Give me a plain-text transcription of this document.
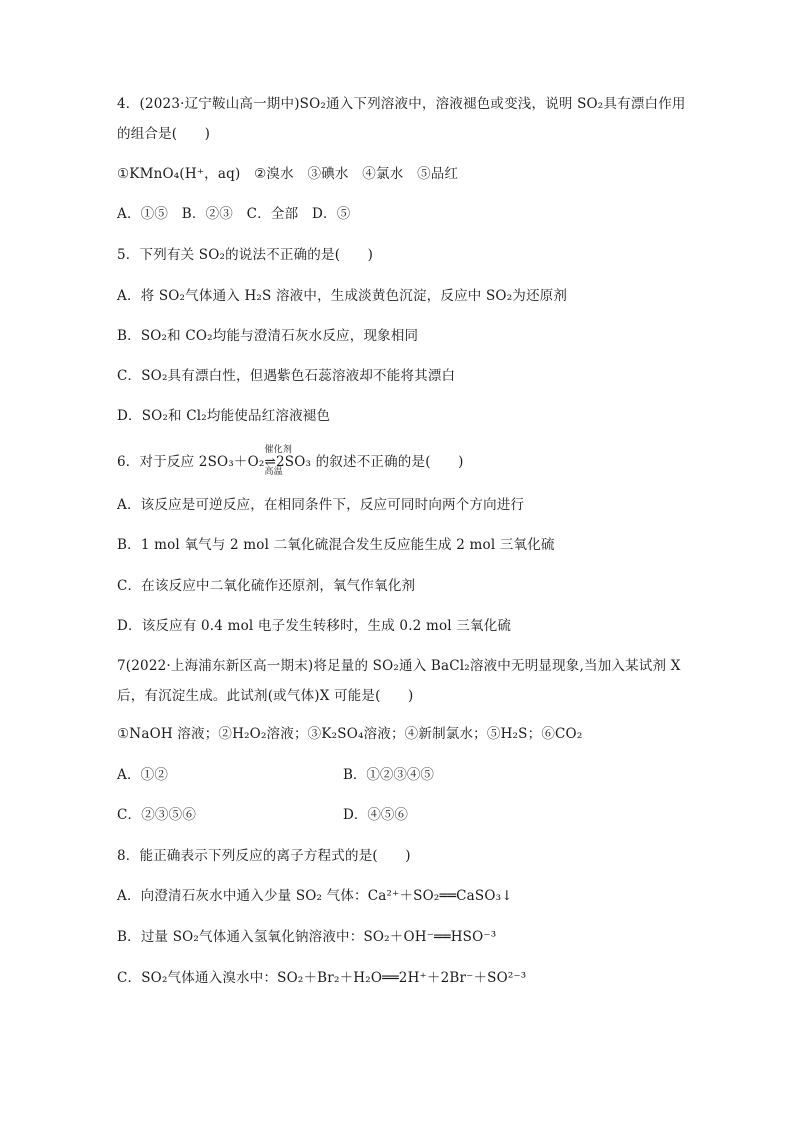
4．(2023·辽宁鞍山高一期中)SO₂通入下列溶液中，溶液褪色或变浅，说明 SO₂具有漂白作用
的组合是(　　)
①KMnO₄(H⁺，aq)　②溴水　③碘水　④氯水　⑤品红
A．①⑤　B．②③　C．全部　D．⑤
5．下列有关 SO₂的说法不正确的是(　　)
A．将 SO₂气体通入 H₂S 溶液中，生成淡黄色沉淀，反应中 SO₂为还原剂
B．SO₂和 CO₂均能与澄清石灰水反应，现象相同
C．SO₂具有漂白性，但遇紫色石蕊溶液却不能将其漂白
D．SO₂和 Cl₂均能使品红溶液褪色
6．对于反应 2SO₃＋O₂
催化剂
⇌
高温
2SO₃ 的叙述不正确的是(　　)
A．该反应是可逆反应，在相同条件下，反应可同时向两个方向进行
B．1 mol 氧气与 2 mol 二氧化硫混合发生反应能生成 2 mol 三氧化硫
C．在该反应中二氧化硫作还原剂，氧气作氧化剂
D．该反应有 0.4 mol 电子发生转移时，生成 0.2 mol 三氧化硫
7(2022·上海浦东新区高一期末)将足量的 SO₂通入 BaCl₂溶液中无明显现象,当加入某试剂 X
后，有沉淀生成。此试剂(或气体)X 可能是(　　)
①NaOH 溶液；②H₂O₂溶液；③K₂SO₄溶液；④新制氯水；⑤H₂S；⑥CO₂
A．①②	B．①②③④⑤
C．②③⑤⑥	D．④⑤⑥
8．能正确表示下列反应的离子方程式的是(　　)
A．向澄清石灰水中通入少量 SO₂ 气体：Ca²⁺＋SO₂══CaSO₃↓
B．过量 SO₂气体通入氢氧化钠溶液中：SO₂＋OH⁻══HSO⁻³
C．SO₂气体通入溴水中：SO₂＋Br₂＋H₂O══2H⁺＋2Br⁻＋SO²⁻³
